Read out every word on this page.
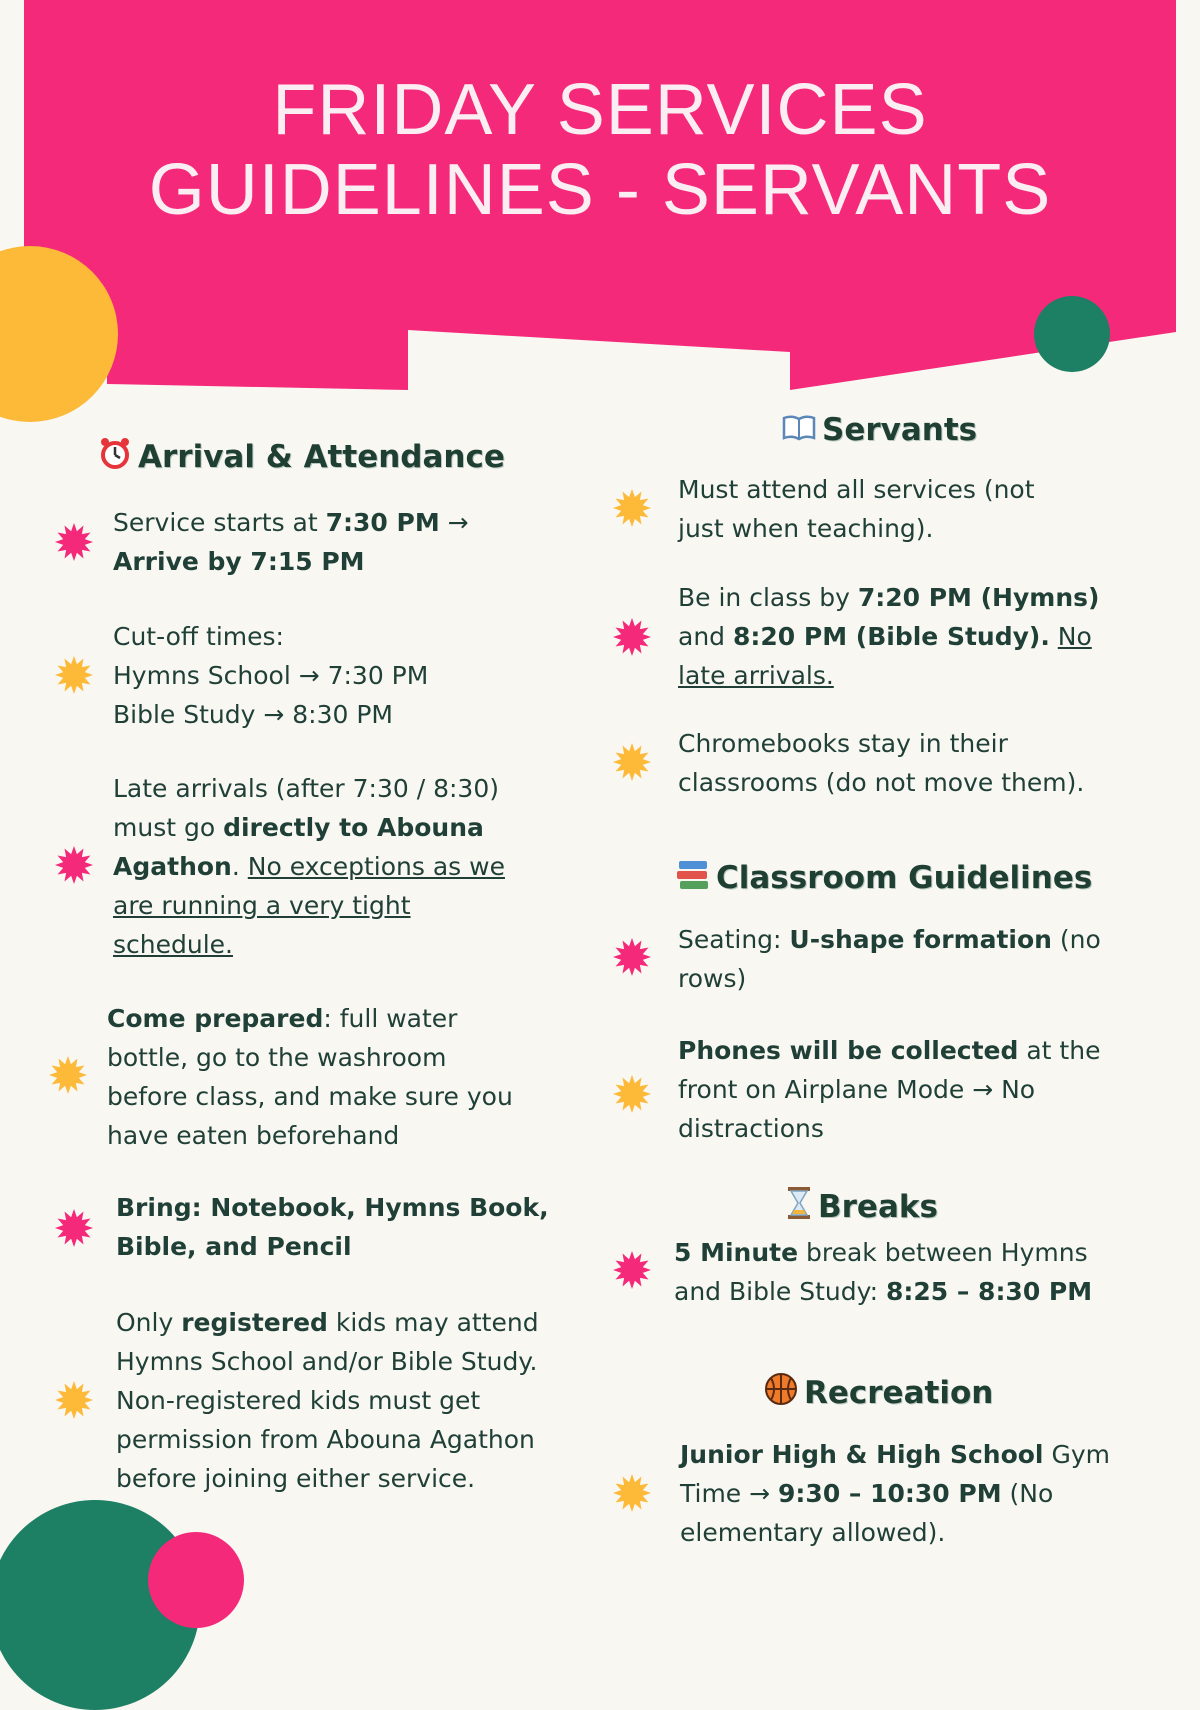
FRIDAY SERVICES
GUIDELINES - SERVANTS
Arrival & Attendance

Service starts at 7:30 PM →

Arrive by 7:15 PM

Cut-off times:

Hymns School → 7:30 PM

Bible Study → 8:30 PM

Late arrivals (after 7:30 / 8:30)

must go directly to Abouna

Agathon. No exceptions as we

are running a very tight

schedule.

Come prepared: full water

bottle, go to the washroom

before class, and make sure you

have eaten beforehand

Bring: Notebook, Hymns Book,

Bible, and Pencil

Only registered kids may attend

Hymns School and/or Bible Study.

Non-registered kids must get

permission from Abouna Agathon

before joining either service.

Servants

Must attend all services (not

just when teaching).

Be in class by 7:20 PM (Hymns)

and 8:20 PM (Bible Study). No

late arrivals.

Chromebooks stay in their

classrooms (do not move them).

Classroom Guidelines

Seating: U-shape formation (no

rows)

Phones will be collected at the

front on Airplane Mode → No

distractions

Breaks

5 Minute break between Hymns

and Bible Study: 8:25 – 8:30 PM

Recreation

Junior High & High School Gym

Time → 9:30 – 10:30 PM (No

elementary allowed).
